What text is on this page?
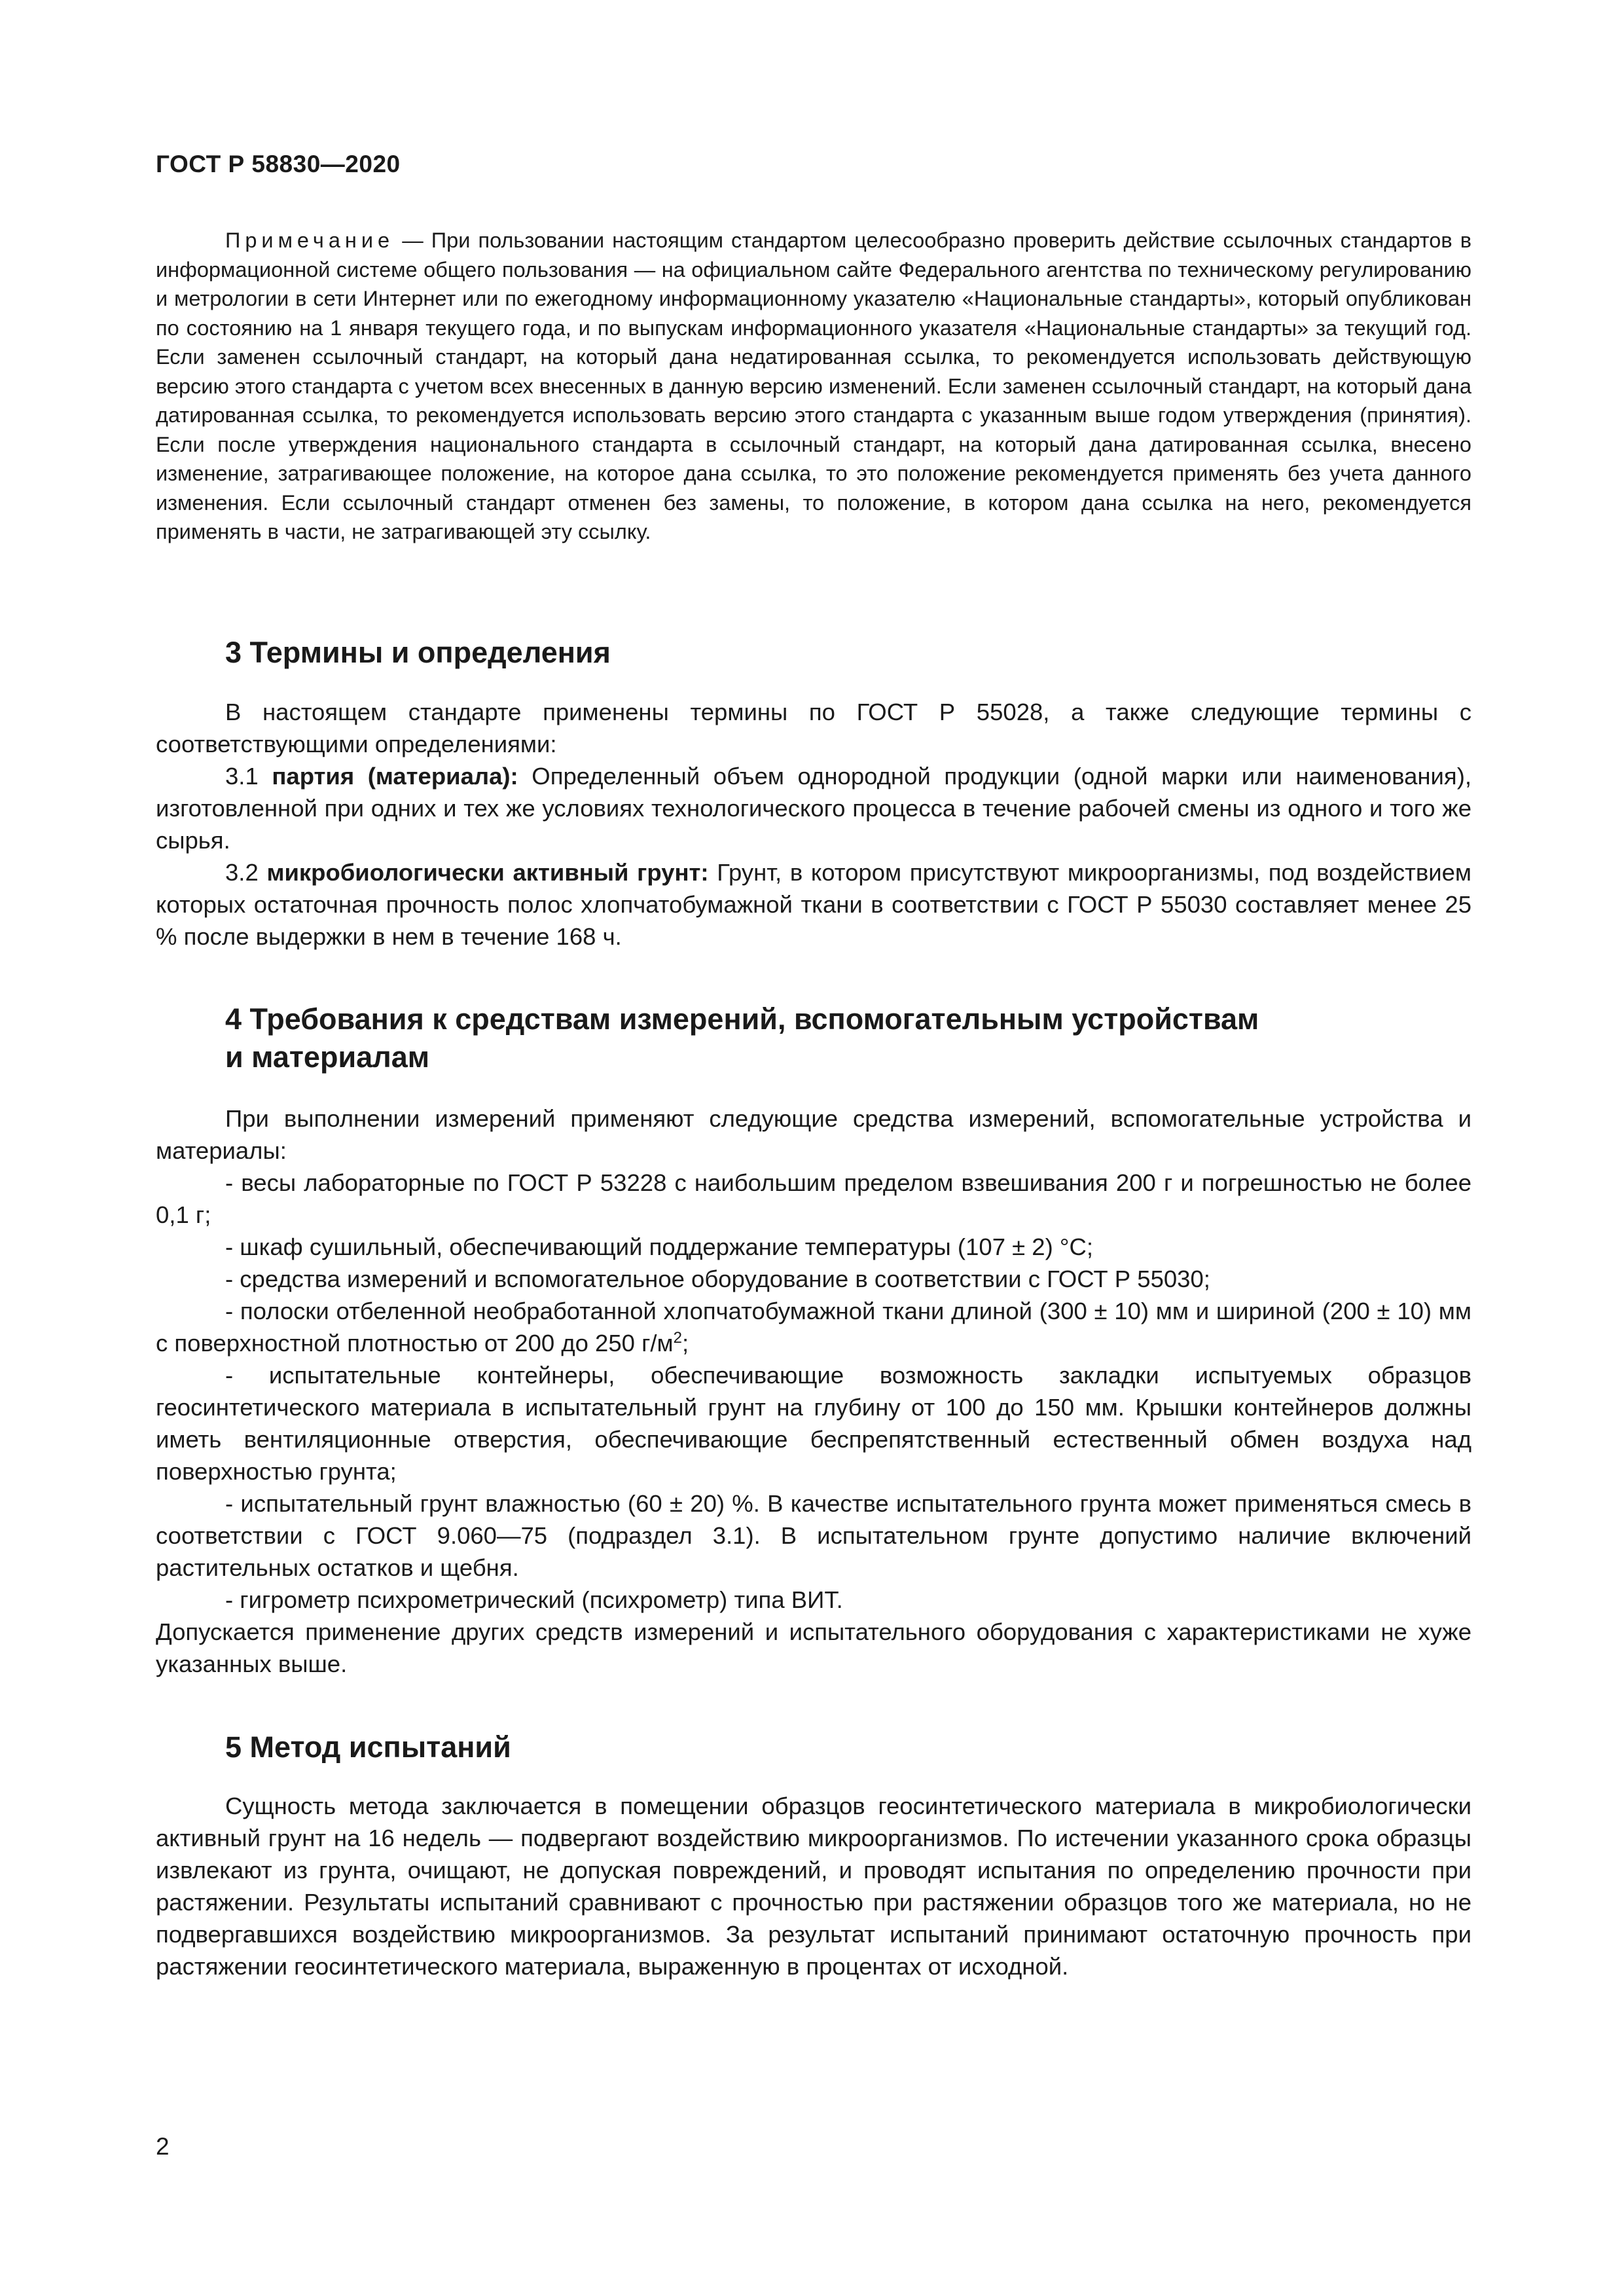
ГОСТ Р 58830—2020
Примечание — При пользовании настоящим стандартом целесообразно проверить действие ссылочных стандартов в информационной системе общего пользования — на официальном сайте Федерального агентства по техническому регулированию и метрологии в сети Интернет или по ежегодному информационному указателю «Национальные стандарты», который опубликован по состоянию на 1 января текущего года, и по выпускам информационного указателя «Национальные стандарты» за текущий год. Если заменен ссылочный стандарт, на который дана недатированная ссылка, то рекомендуется использовать действующую версию этого стандарта с учетом всех внесенных в данную версию изменений. Если заменен ссылочный стандарт, на который дана датированная ссылка, то рекомендуется использовать версию этого стандарта с указанным выше годом утверждения (принятия). Если после утверждения национального стандарта в ссылочный стандарт, на который дана датированная ссылка, внесено изменение, затрагивающее положение, на которое дана ссылка, то это положение рекомендуется применять без учета данного изменения. Если ссылочный стандарт отменен без замены, то положение, в котором дана ссылка на него, рекомендуется применять в части, не затрагивающей эту ссылку.
3 Термины и определения

В настоящем стандарте применены термины по ГОСТ Р 55028, а также следующие термины с соответствующими определениями:

3.1 партия (материала): Определенный объем однородной продукции (одной марки или наименования), изготовленной при одних и тех же условиях технологического процесса в течение рабочей смены из одного и того же сырья.

3.2 микробиологически активный грунт: Грунт, в котором присутствуют микроорганизмы, под воздействием которых остаточная прочность полос хлопчатобумажной ткани в соответствии с ГОСТ Р 55030 составляет менее 25 % после выдержки в нем в течение 168 ч.

4 Требования к средствам измерений, вспомогательным устройствам
и материалам

При выполнении измерений применяют следующие средства измерений, вспомогательные устройства и материалы:

- весы лабораторные по ГОСТ Р 53228 с наибольшим пределом взвешивания 200 г и погрешностью не более 0,1 г;

- шкаф сушильный, обеспечивающий поддержание температуры (107 ± 2) °С;

- средства измерений и вспомогательное оборудование в соответствии с ГОСТ Р 55030;

- полоски отбеленной необработанной хлопчатобумажной ткани длиной (300 ± 10) мм и шириной (200 ± 10) мм с поверхностной плотностью от 200 до 250 $г/м^2$;

- испытательные контейнеры, обеспечивающие возможность закладки испытуемых образцов геосинтетического материала в испытательный грунт на глубину от 100 до 150 мм. Крышки контейнеров должны иметь вентиляционные отверстия, обеспечивающие беспрепятственный естественный обмен воздуха над поверхностью грунта;

- испытательный грунт влажностью (60 ± 20) %. В качестве испытательного грунта может применяться смесь в соответствии с ГОСТ 9.060—75 (подраздел 3.1). В испытательном грунте допустимо наличие включений растительных остатков и щебня.

- гигрометр психрометрический (психрометр) типа ВИТ.

Допускается применение других средств измерений и испытательного оборудования с характеристиками не хуже указанных выше.

5 Метод испытаний

Сущность метода заключается в помещении образцов геосинтетического материала в микробиологически активный грунт на 16 недель — подвергают воздействию микроорганизмов. По истечении указанного срока образцы извлекают из грунта, очищают, не допуская повреждений, и проводят испытания по определению прочности при растяжении. Результаты испытаний сравнивают с прочностью при растяжении образцов того же материала, но не подвергавшихся воздействию микроорганизмов. За результат испытаний принимают остаточную прочность при растяжении геосинтетического материала, выраженную в процентах от исходной.

2
